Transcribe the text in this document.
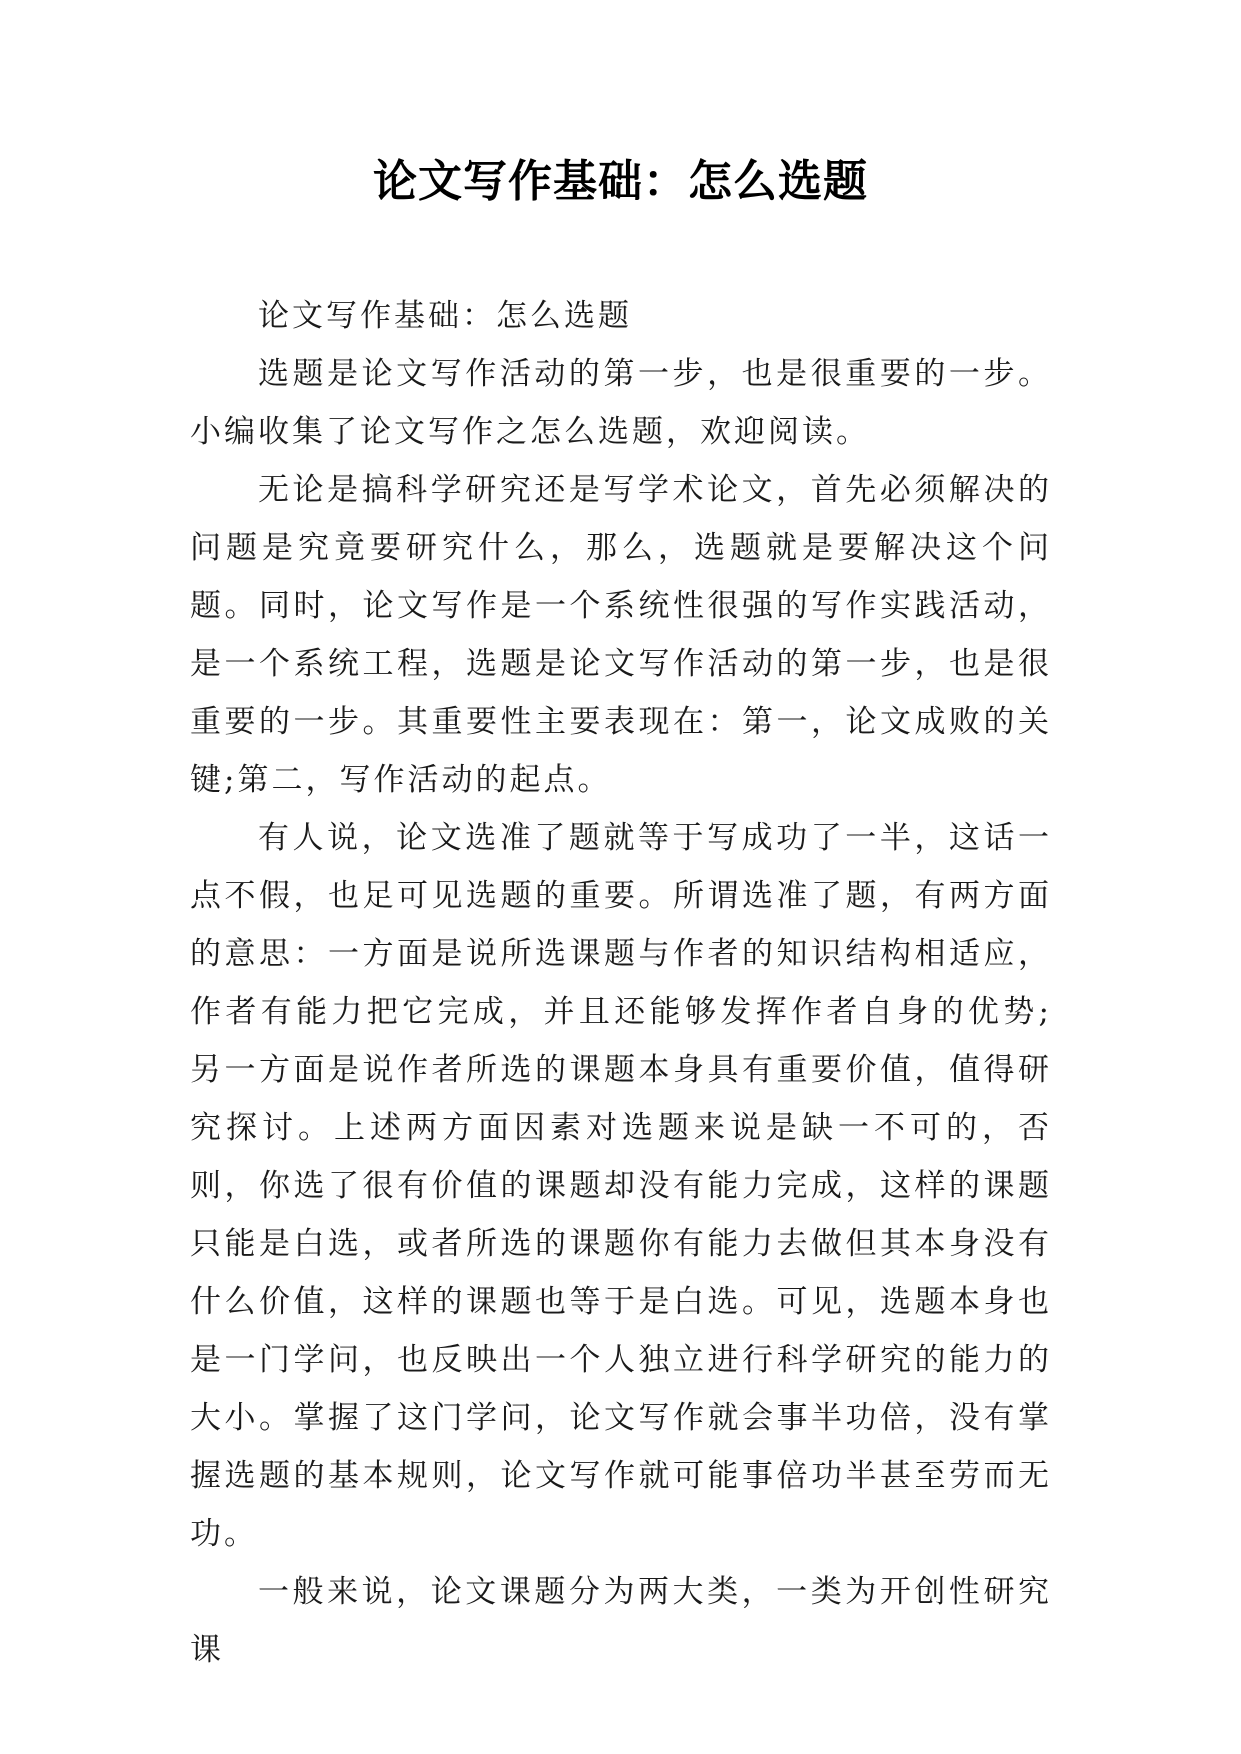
论文写作基础：怎么选题

论文写作基础：怎么选题

选题是论文写作活动的第一步，也是很重要的一步。小编收集了论文写作之怎么选题，欢迎阅读。

无论是搞科学研究还是写学术论文，首先必须解决的问题是究竟要研究什么，那么，选题就是要解决这个问题。同时，论文写作是一个系统性很强的写作实践活动，是一个系统工程，选题是论文写作活动的第一步，也是很重要的一步。其重要性主要表现在：第一，论文成败的关键;第二，写作活动的起点。

有人说，论文选准了题就等于写成功了一半，这话一点不假，也足可见选题的重要。所谓选准了题，有两方面的意思：一方面是说所选课题与作者的知识结构相适应，作者有能力把它完成，并且还能够发挥作者自身的优势;另一方面是说作者所选的课题本身具有重要价值，值得研究探讨。上述两方面因素对选题来说是缺一不可的，否则，你选了很有价值的课题却没有能力完成，这样的课题只能是白选，或者所选的课题你有能力去做但其本身没有什么价值，这样的课题也等于是白选。可见，选题本身也是一门学问，也反映出一个人独立进行科学研究的能力的大小。掌握了这门学问，论文写作就会事半功倍，没有掌握选题的基本规则，论文写作就可能事倍功半甚至劳而无功。

一般来说，论文课题分为两大类，一类为开创性研究课
